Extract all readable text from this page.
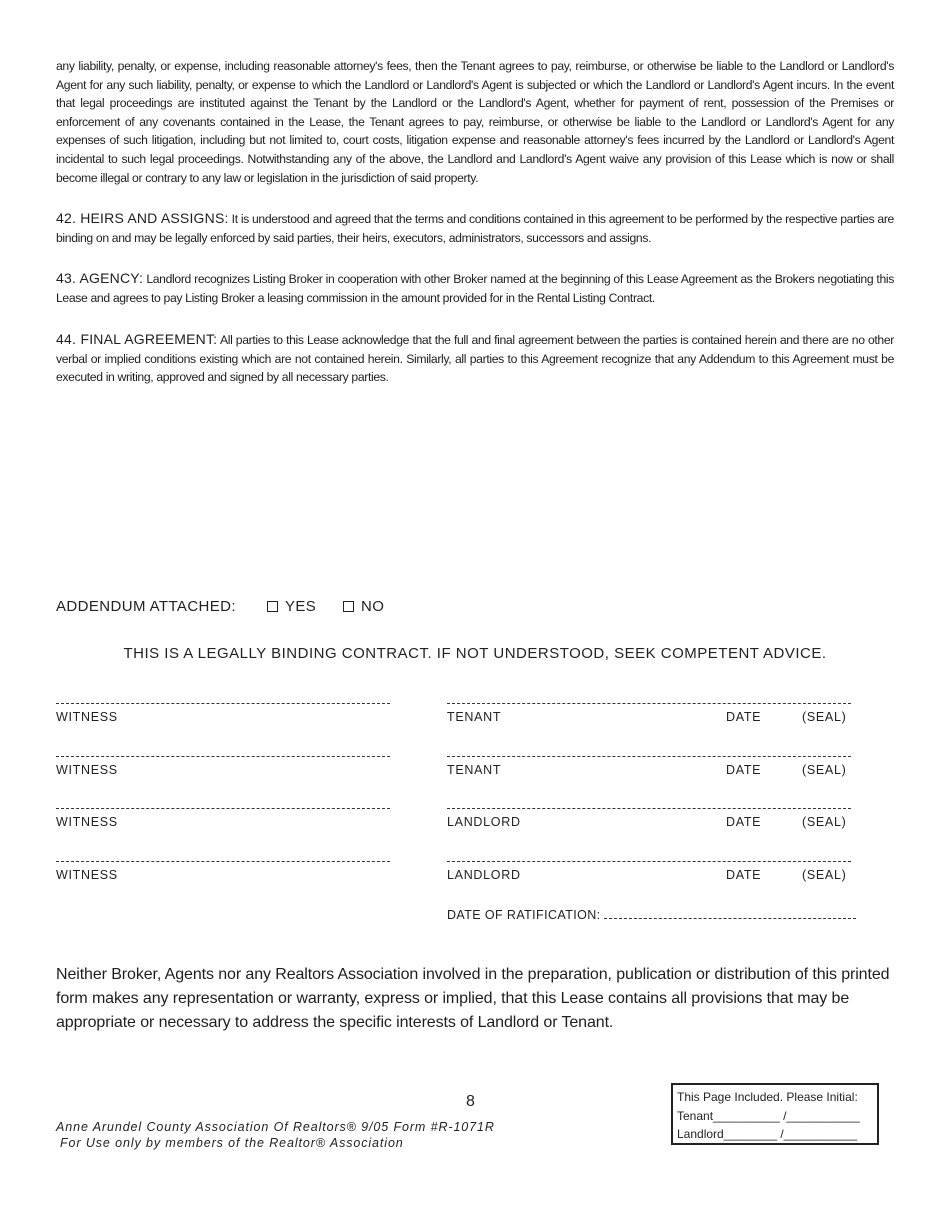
any liability, penalty, or expense, including reasonable attorney's fees, then the Tenant agrees to pay, reimburse, or otherwise be liable to the Landlord or Landlord's Agent for any such liability, penalty, or expense to which the Landlord or Landlord's Agent is subjected or which the Landlord or Landlord's Agent incurs. In the event that legal proceedings are instituted against the Tenant by the Landlord or the Landlord's Agent, whether for payment of rent, possession of the Premises or enforcement of any covenants contained in the Lease, the Tenant agrees to pay, reimburse, or otherwise be liable to the Landlord or Landlord's Agent for any expenses of such litigation, including but not limited to, court costs, litigation expense and reasonable attorney's fees incurred by the Landlord or Landlord's Agent incidental to such legal proceedings. Notwithstanding any of the above, the Landlord and Landlord's Agent waive any provision of this Lease which is now or shall become illegal or contrary to any law or legislation in the jurisdiction of said property.

42. HEIRS AND ASSIGNS: It is understood and agreed that the terms and conditions contained in this agreement to be performed by the respective parties are binding on and may be legally enforced by said parties, their heirs, executors, administrators, successors and assigns.

43. AGENCY: Landlord recognizes Listing Broker in cooperation with other Broker named at the beginning of this Lease Agreement as the Brokers negotiating this Lease and agrees to pay Listing Broker a leasing commission in the amount provided for in the Rental Listing Contract.

44. FINAL AGREEMENT: All parties to this Lease acknowledge that the full and final agreement between the parties is contained herein and there are no other verbal or implied conditions existing which are not contained herein. Similarly, all parties to this Agreement recognize that any Addendum to this Agreement must be executed in writing, approved and signed by all necessary parties.

ADDENDUM ATTACHED:	YES	NO
THIS IS A LEGALLY BINDING CONTRACT. IF NOT UNDERSTOOD, SEEK COMPETENT ADVICE.
WITNESS	TENANT	DATE	(SEAL)
WITNESS	TENANT	DATE	(SEAL)
WITNESS	LANDLORD	DATE	(SEAL)
WITNESS	LANDLORD	DATE	(SEAL)
DATE OF RATIFICATION:

Neither Broker, Agents nor any Realtors Association involved in the preparation, publication or distribution of this printed form makes any representation or warranty, express or implied, that this Lease contains all provisions that may be appropriate or necessary to address the specific interests of Landlord or Tenant.

8
Anne Arundel County Association Of Realtors® 9/05 Form #R-1071R
For Use only by members of the Realtor® Association
This Page Included. Please Initial:
Tenant__________ /___________
Landlord________ /___________
